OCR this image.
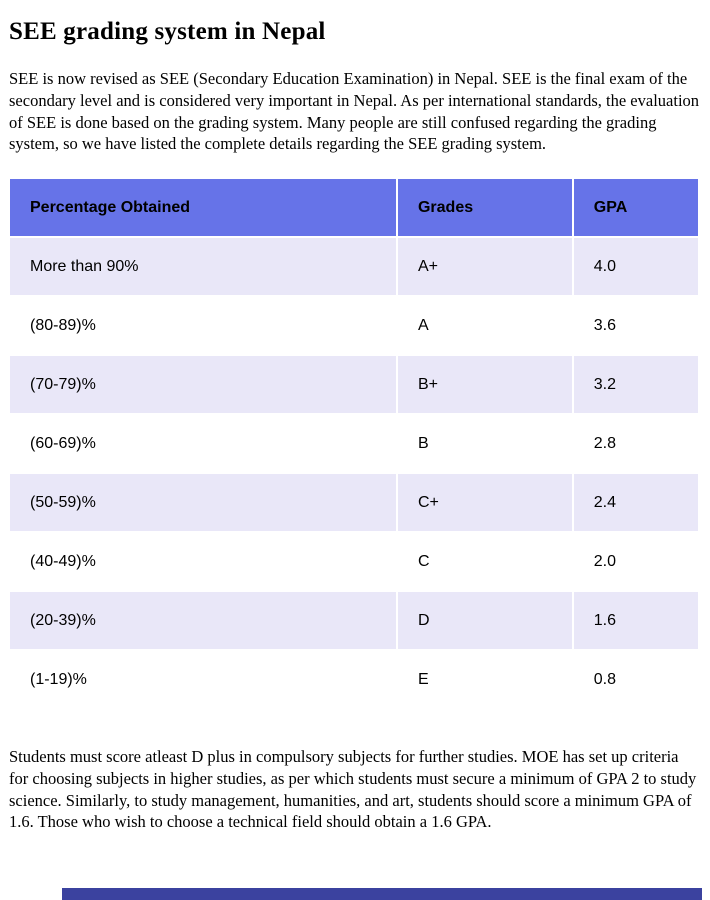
SEE grading system in Nepal

SEE is now revised as SEE (Secondary Education Examination) in Nepal. SEE is the final exam of the secondary level and is considered very important in Nepal. As per international standards, the evaluation of SEE is done based on the grading system. Many people are still confused regarding the grading system, so we have listed the complete details regarding the SEE grading system.

Percentage Obtained	Grades	GPA
More than 90%	A+	4.0
(80-89)%	A	3.6
(70-79)%	B+	3.2
(60-69)%	B	2.8
(50-59)%	C+	2.4
(40-49)%	C	2.0
(20-39)%	D	1.6
(1-19)%	E	0.8

Students must score atleast D plus in compulsory subjects for further studies. MOE has set up criteria for choosing subjects in higher studies, as per which students must secure a minimum of GPA 2 to study science. Similarly, to study management, humanities, and art, students should score a minimum GPA of 1.6. Those who wish to choose a technical field should obtain a 1.6 GPA.
